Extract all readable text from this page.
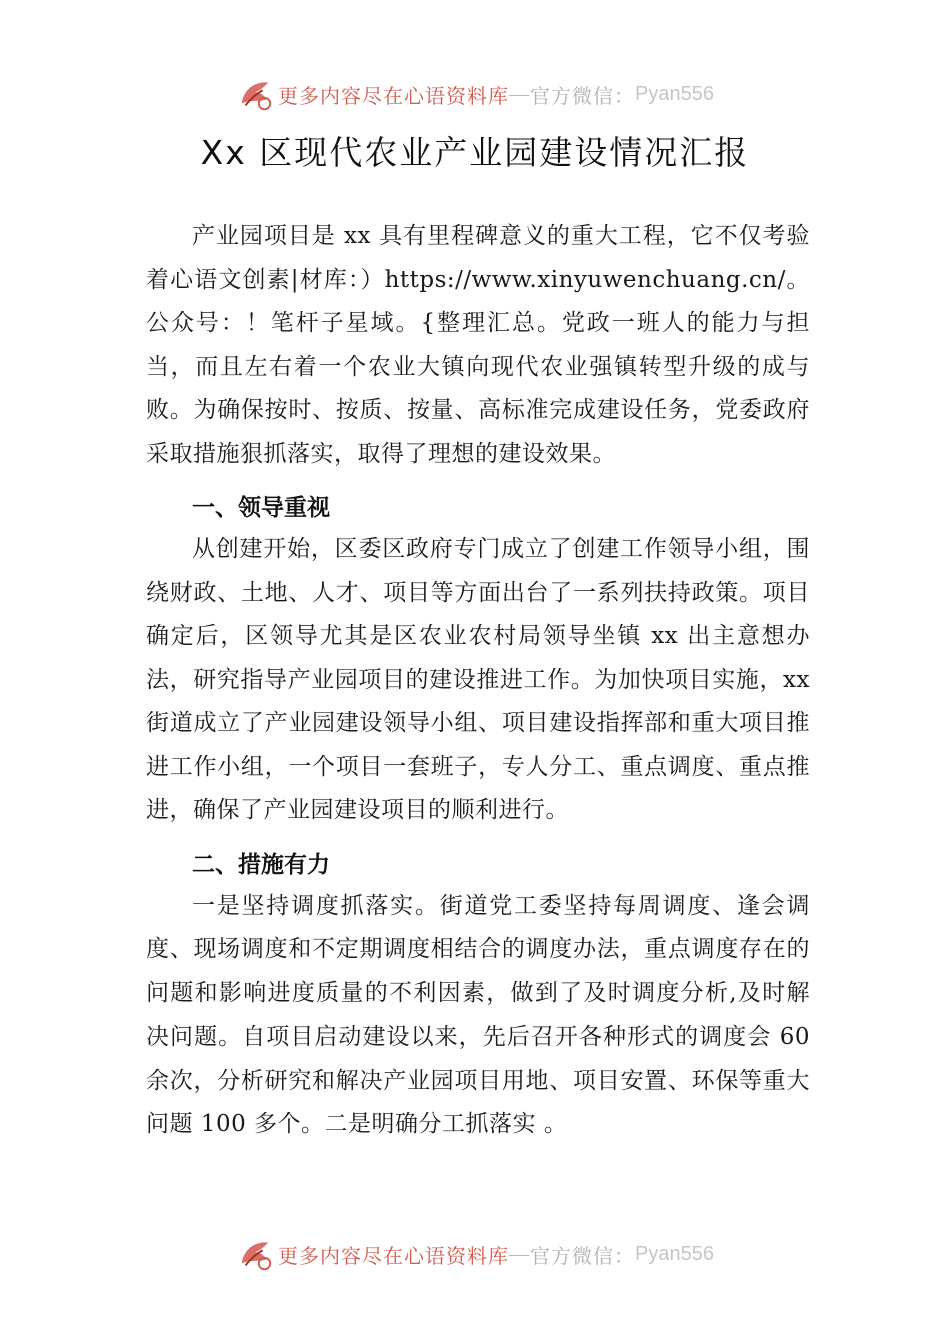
更多内容尽在心语资料库 — 官方微信： Pyan556
Xx 区现代农业产业园建设情况汇报

产业园项目是 xx 具有里程碑意义的重大工程，它不仅考验着心语文创素|材库：）https://www.xinyuwenchuang.cn/。公众号：！笔杆子星域。{整理汇总。党政一班人的能力与担当，而且左右着一个农业大镇向现代农业强镇转型升级的成与败。为确保按时、按质、按量、高标准完成建设任务，党委政府采取措施狠抓落实，取得了理想的建设效果。

一、领导重视

从创建开始，区委区政府专门成立了创建工作领导小组，围绕财政、土地、人才、项目等方面出台了一系列扶持政策。项目确定后，区领导尤其是区农业农村局领导坐镇 xx 出主意想办法，研究指导产业园项目的建设推进工作。为加快项目实施，xx 街道成立了产业园建设领导小组、项目建设指挥部和重大项目推进工作小组，一个项目一套班子，专人分工、重点调度、重点推进，确保了产业园建设项目的顺利进行。

二、措施有力

一是坚持调度抓落实。街道党工委坚持每周调度、逢会调度、现场调度和不定期调度相结合的调度办法，重点调度存在的问题和影响进度质量的不利因素，做到了及时调度分析,及时解决问题。自项目启动建设以来，先后召开各种形式的调度会 60 余次，分析研究和解决产业园项目用地、项目安置、环保等重大问题 100 多个。二是明确分工抓落实 。

更多内容尽在心语资料库 — 官方微信： Pyan556
